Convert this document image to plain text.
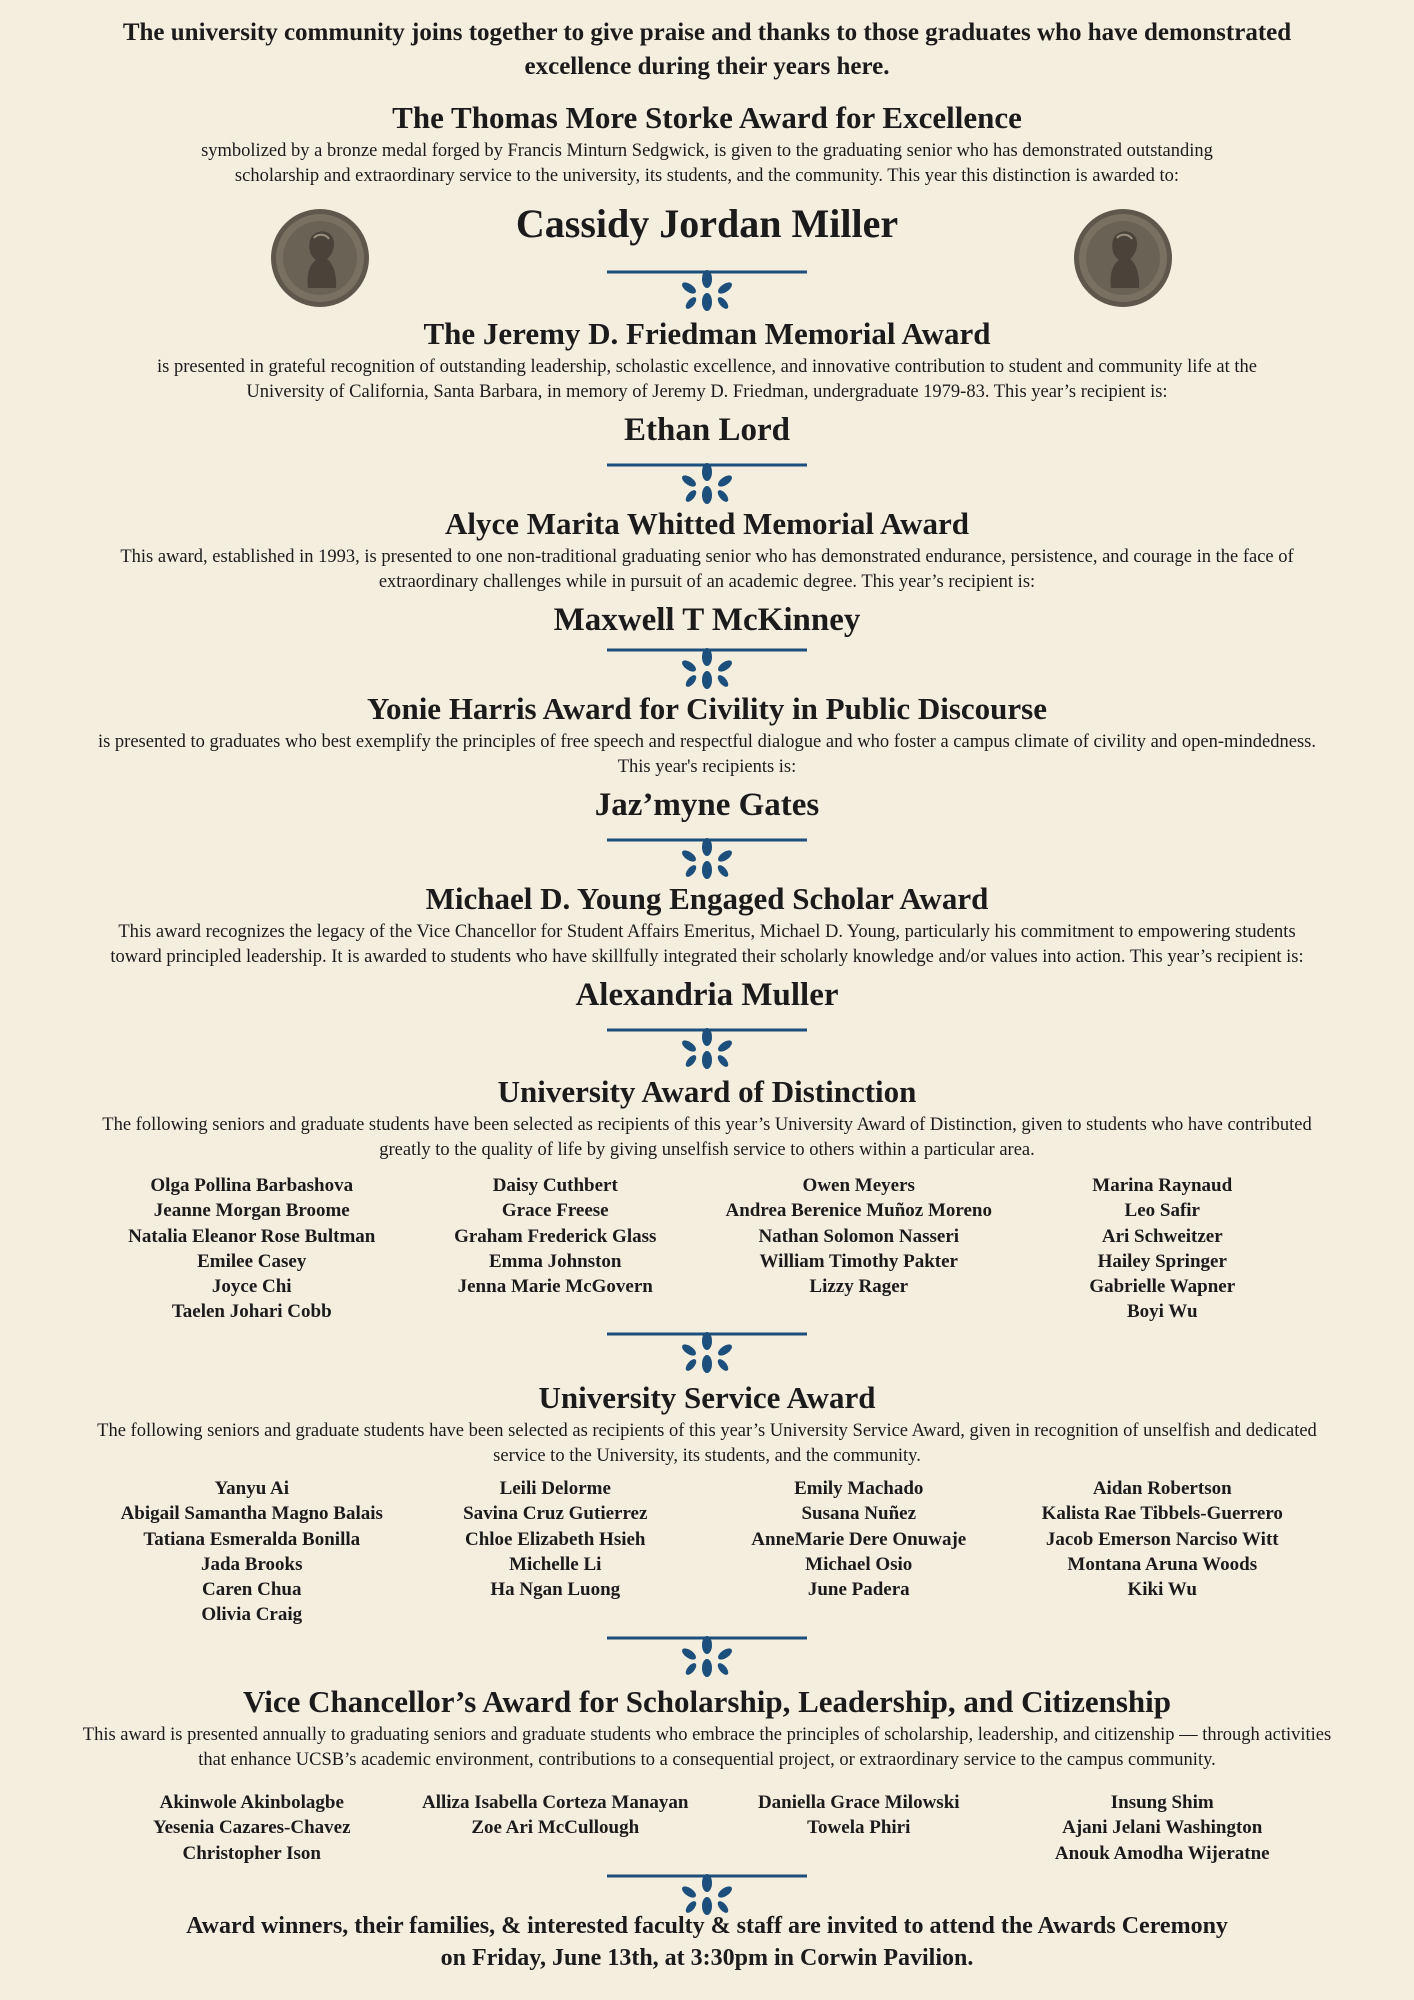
The university community joins together to give praise and thanks to those graduates who have demonstrated
excellence during their years here.
The Thomas More Storke Award for Excellence
symbolized by a bronze medal forged by Francis Minturn Sedgwick, is given to the graduating senior who has demonstrated outstanding
scholarship and extraordinary service to the university, its students, and the community. This year this distinction is awarded to:
Cassidy Jordan Miller
The Jeremy D. Friedman Memorial Award
is presented in grateful recognition of outstanding leadership, scholastic excellence, and innovative contribution to student and community life at the
University of California, Santa Barbara, in memory of Jeremy D. Friedman, undergraduate 1979-83. This year’s recipient is:
Ethan Lord
Alyce Marita Whitted Memorial Award
This award, established in 1993, is presented to one non-traditional graduating senior who has demonstrated endurance, persistence, and courage in the face of
extraordinary challenges while in pursuit of an academic degree. This year’s recipient is:
Maxwell T McKinney
Yonie Harris Award for Civility in Public Discourse
is presented to graduates who best exemplify the principles of free speech and respectful dialogue and who foster a campus climate of civility and open-mindedness.
This year's recipients is:
Jaz’myne Gates
Michael D. Young Engaged Scholar Award
This award recognizes the legacy of the Vice Chancellor for Student Affairs Emeritus, Michael D. Young, particularly his commitment to empowering students
toward principled leadership. It is awarded to students who have skillfully integrated their scholarly knowledge and/or values into action. This year’s recipient is:
Alexandria Muller
University Award of Distinction
The following seniors and graduate students have been selected as recipients of this year’s University Award of Distinction, given to students who have contributed
greatly to the quality of life by giving unselfish service to others within a particular area.
Olga Pollina Barbashova
Jeanne Morgan Broome
Natalia Eleanor Rose Bultman
Emilee Casey
Joyce Chi
Taelen Johari Cobb
Daisy Cuthbert
Grace Freese
Graham Frederick Glass
Emma Johnston
Jenna Marie McGovern
Owen Meyers
Andrea Berenice Muñoz Moreno
Nathan Solomon Nasseri
William Timothy Pakter
Lizzy Rager
Marina Raynaud
Leo Safir
Ari Schweitzer
Hailey Springer
Gabrielle Wapner
Boyi Wu
University Service Award
The following seniors and graduate students have been selected as recipients of this year’s University Service Award, given in recognition of unselfish and dedicated
service to the University, its students, and the community.
Yanyu Ai
Abigail Samantha Magno Balais
Tatiana Esmeralda Bonilla
Jada Brooks
Caren Chua
Olivia Craig
Leili Delorme
Savina Cruz Gutierrez
Chloe Elizabeth Hsieh
Michelle Li
Ha Ngan Luong
Emily Machado
Susana Nuñez
AnneMarie Dere Onuwaje
Michael Osio
June Padera
Aidan Robertson
Kalista Rae Tibbels-Guerrero
Jacob Emerson Narciso Witt
Montana Aruna Woods
Kiki Wu
Vice Chancellor’s Award for Scholarship, Leadership, and Citizenship
This award is presented annually to graduating seniors and graduate students who embrace the principles of scholarship, leadership, and citizenship — through activities
that enhance UCSB’s academic environment, contributions to a consequential project, or extraordinary service to the campus community.
Akinwole Akinbolagbe
Yesenia Cazares-Chavez
Christopher Ison
Alliza Isabella Corteza Manayan
Zoe Ari McCullough
Daniella Grace Milowski
Towela Phiri
Insung Shim
Ajani Jelani Washington
Anouk Amodha Wijeratne
Award winners, their families, & interested faculty & staff are invited to attend the Awards Ceremony
on Friday, June 13th, at 3:30pm in Corwin Pavilion.
